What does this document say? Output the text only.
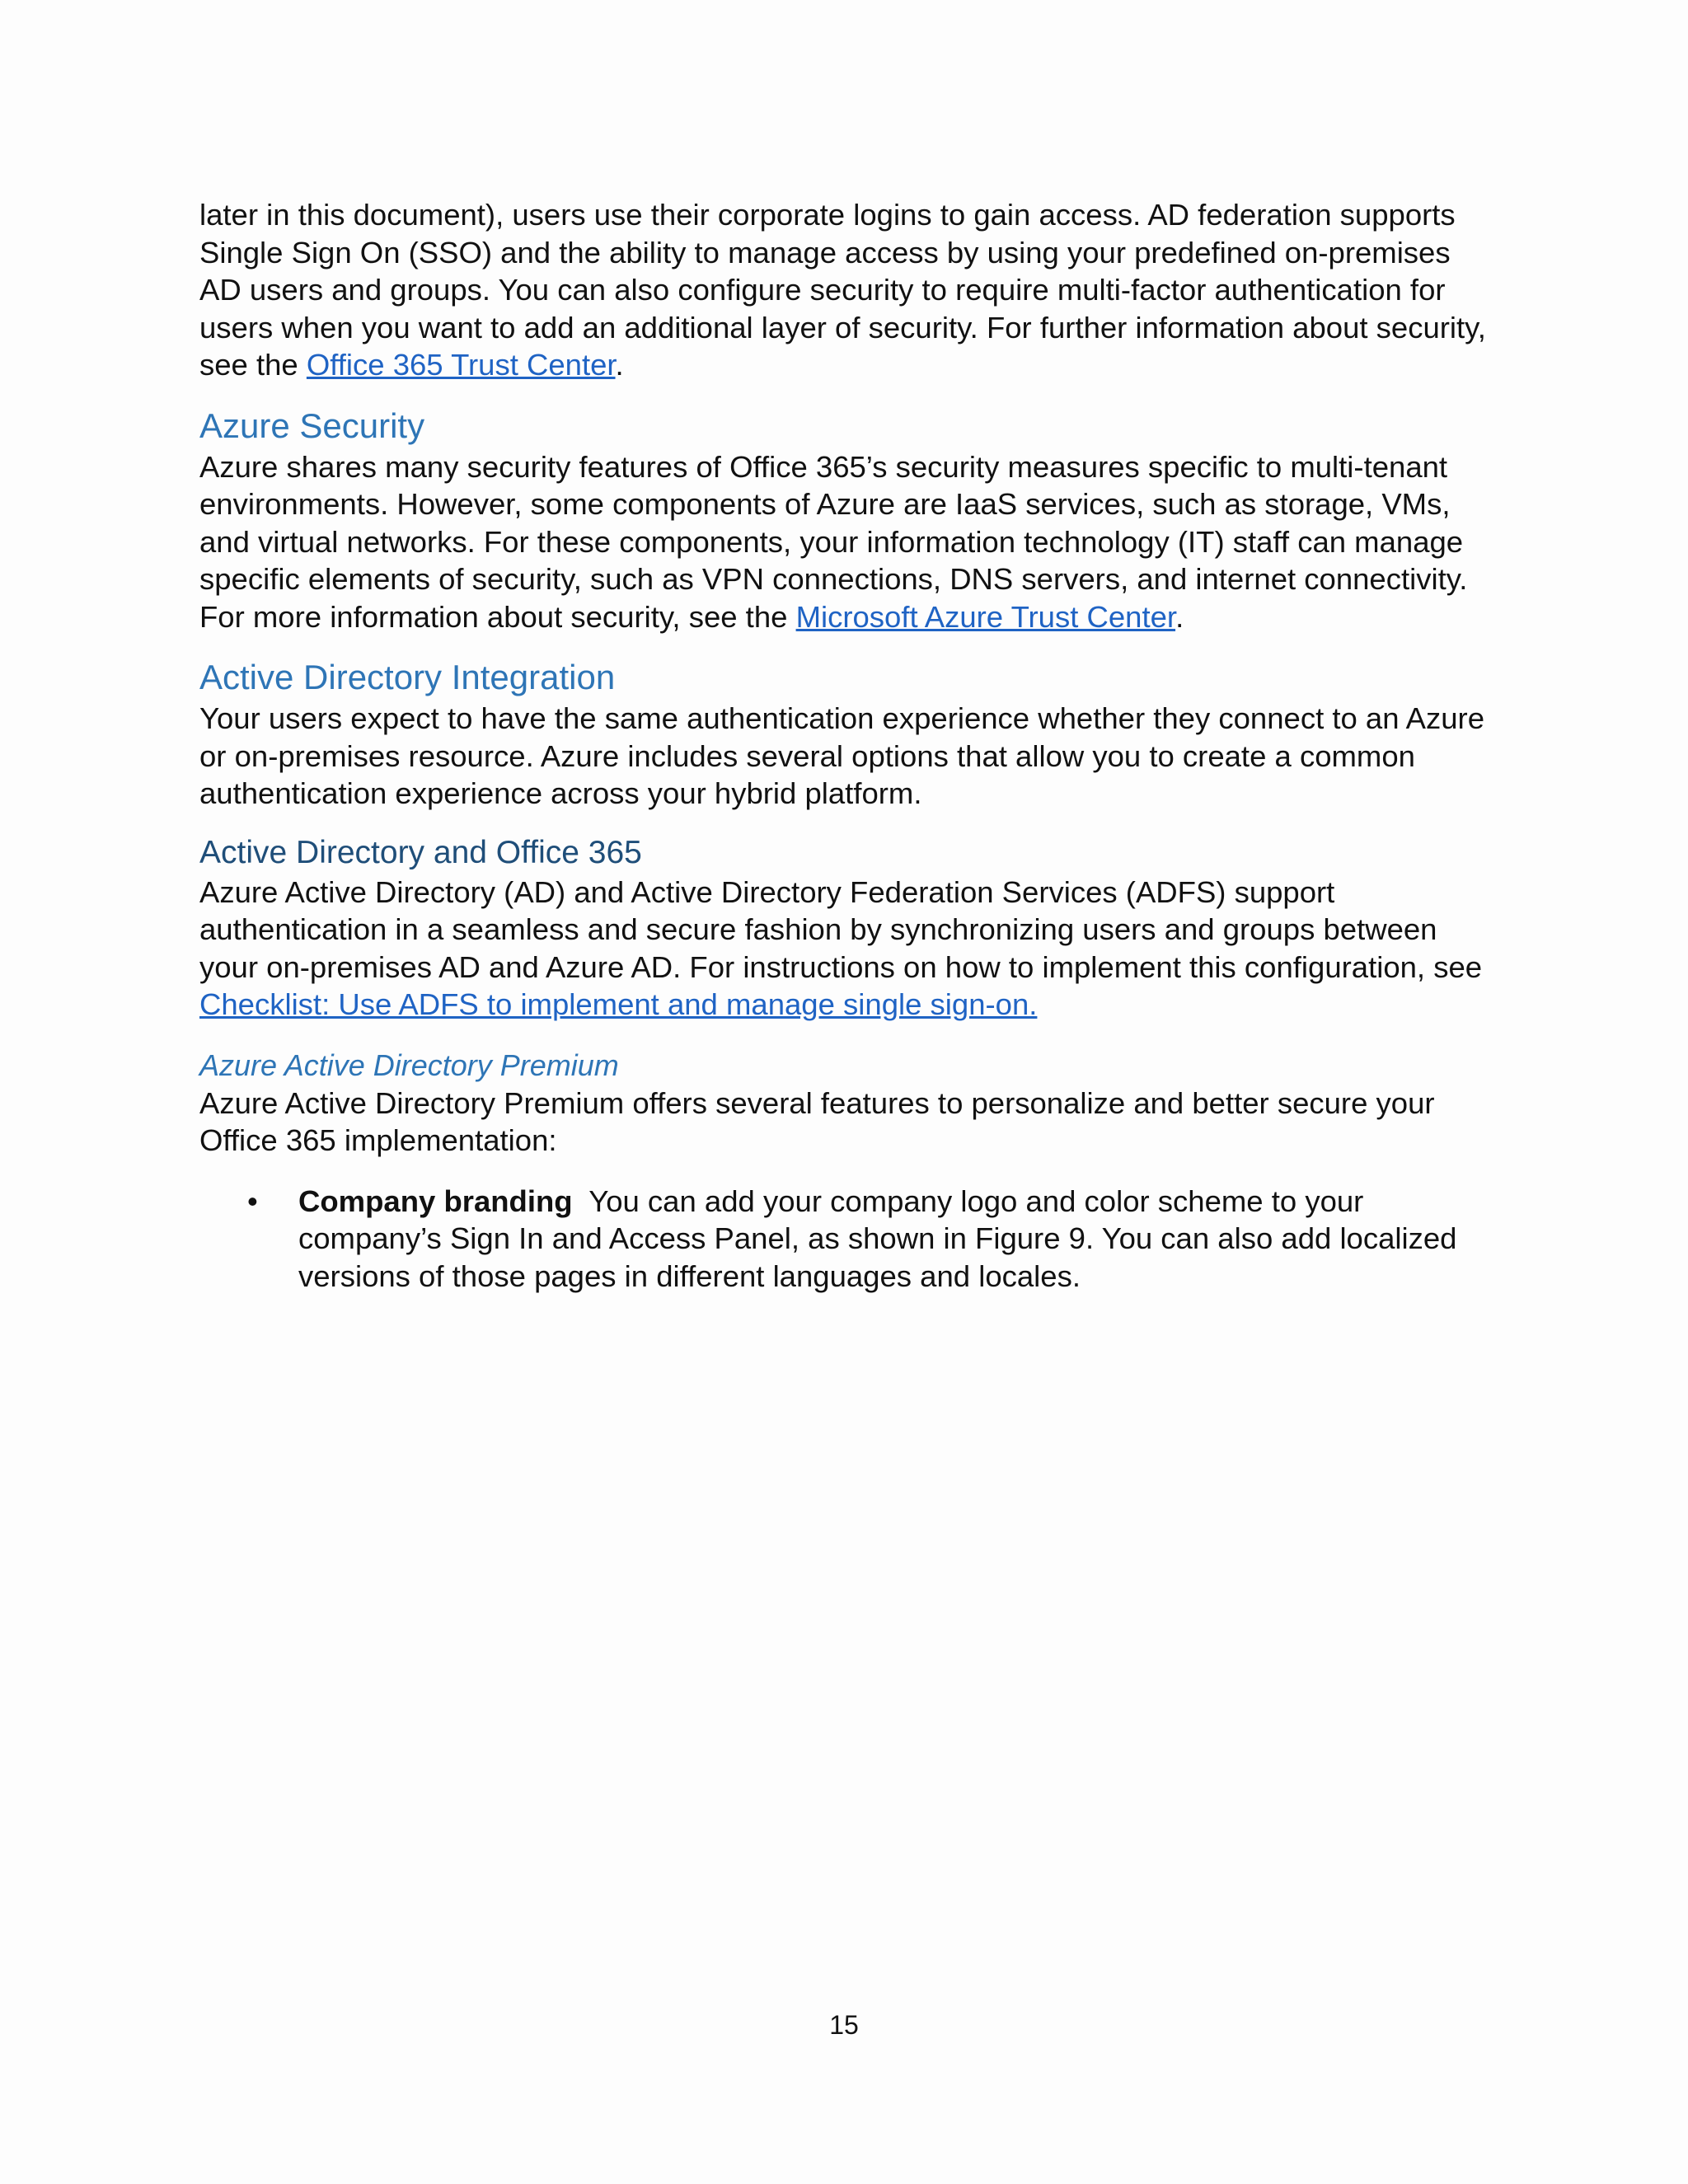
later in this document), users use their corporate logins to gain access. AD federation supports Single Sign On (SSO) and the ability to manage access by using your predefined on-premises AD users and groups. You can also configure security to require multi-factor authentication for users when you want to add an additional layer of security. For further information about security, see the Office 365 Trust Center.

Azure Security

Azure shares many security features of Office 365’s security measures specific to multi-tenant environments. However, some components of Azure are IaaS services, such as storage, VMs, and virtual networks. For these components, your information technology (IT) staff can manage specific elements of security, such as VPN connections, DNS servers, and internet connectivity. For more information about security, see the Microsoft Azure Trust Center.

Active Directory Integration

Your users expect to have the same authentication experience whether they connect to an Azure or on-premises resource. Azure includes several options that allow you to create a common authentication experience across your hybrid platform.

Active Directory and Office 365

Azure Active Directory (AD) and Active Directory Federation Services (ADFS) support authentication in a seamless and secure fashion by synchronizing users and groups between your on-premises AD and Azure AD. For instructions on how to implement this configuration, see Checklist: Use ADFS to implement and manage single sign-on.

Azure Active Directory Premium

Azure Active Directory Premium offers several features to personalize and better secure your Office 365 implementation:

• Company branding  You can add your company logo and color scheme to your company’s Sign In and Access Panel, as shown in Figure 9. You can also add localized versions of those pages in different languages and locales.
15
